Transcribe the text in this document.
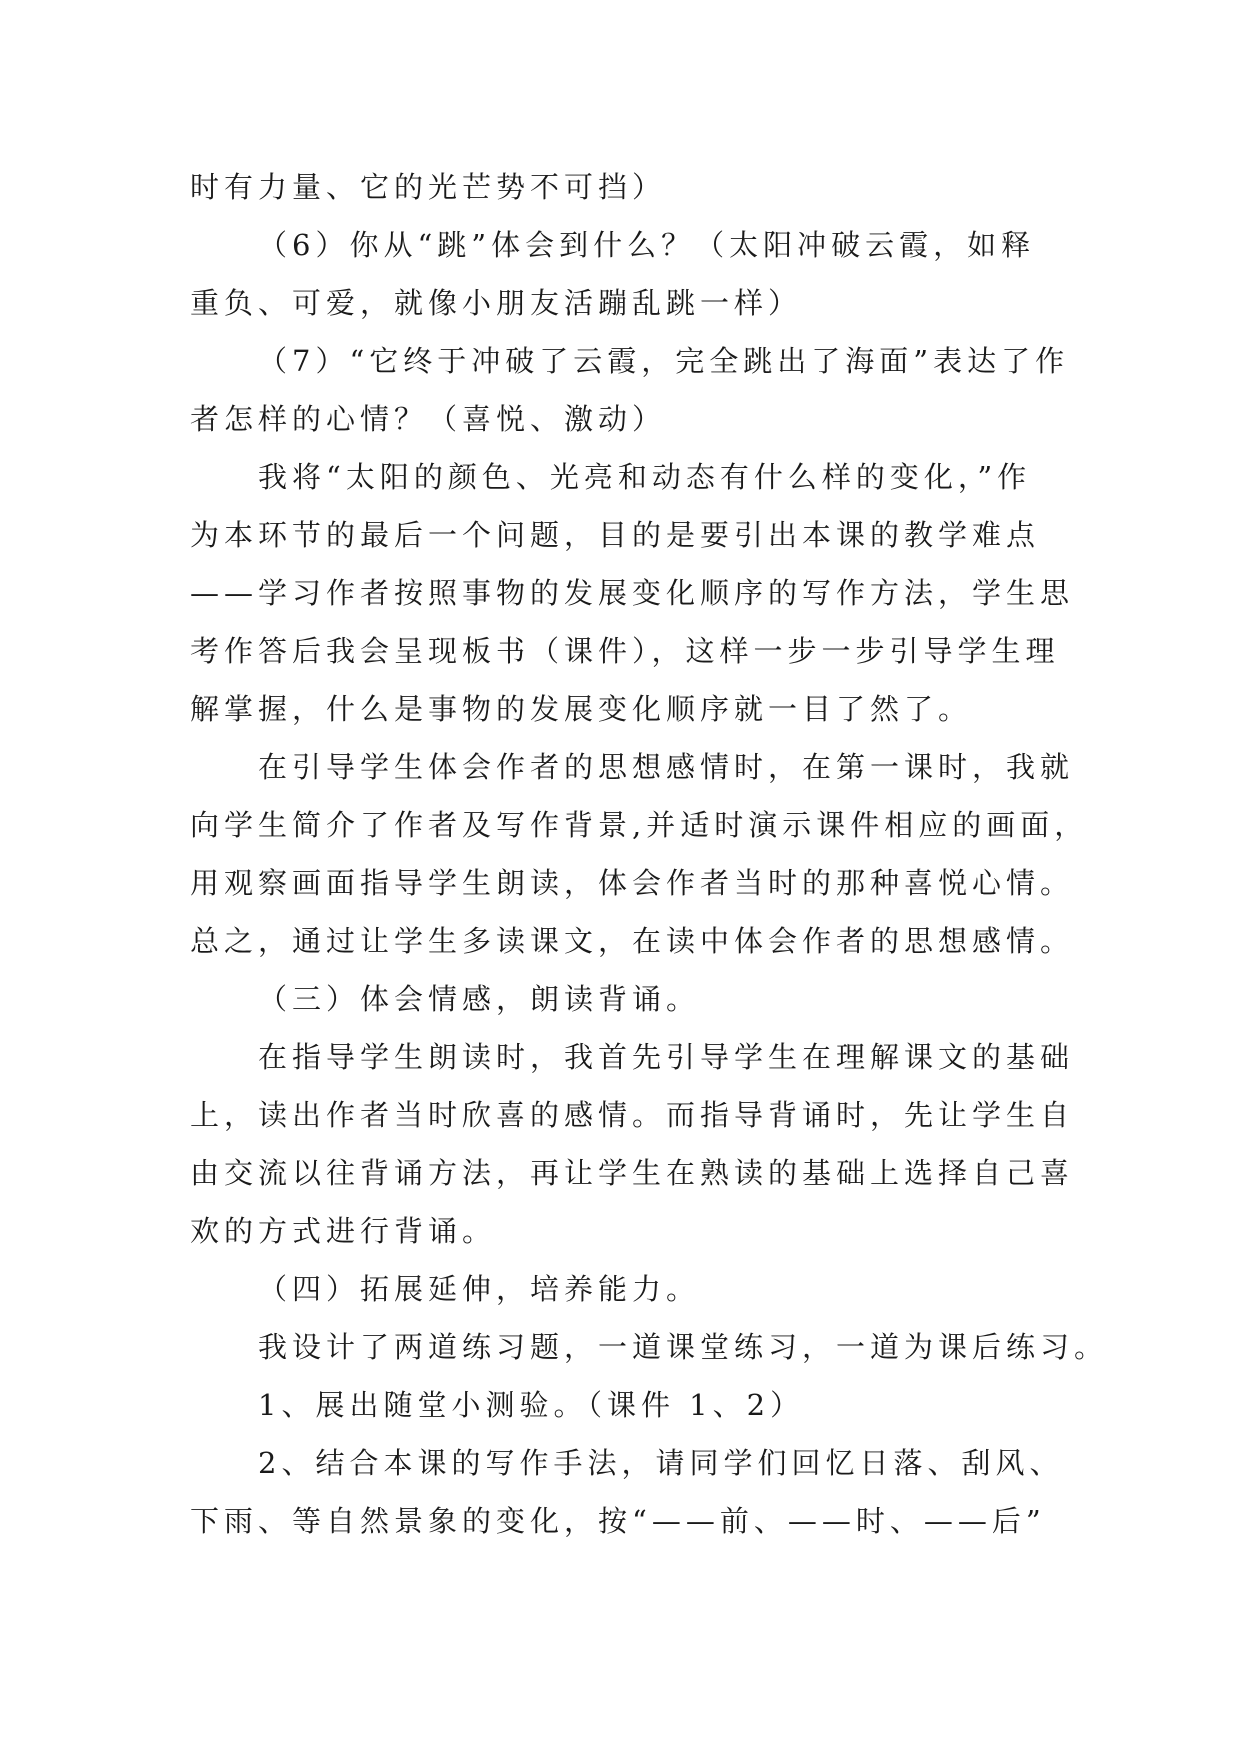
时有力量、它的光芒势不可挡）
（6）你从“跳”体会到什么？（太阳冲破云霞，如释
重负、可爱，就像小朋友活蹦乱跳一样）
（7）“它终于冲破了云霞，完全跳出了海面”表达了作
者怎样的心情？（喜悦、激动）
我将“太阳的颜色、光亮和动态有什么样的变化，”作
为本环节的最后一个问题，目的是要引出本课的教学难点
——学习作者按照事物的发展变化顺序的写作方法，学生思
考作答后我会呈现板书（课件），这样一步一步引导学生理
解掌握，什么是事物的发展变化顺序就一目了然了。
在引导学生体会作者的思想感情时，在第一课时，我就
向学生简介了作者及写作背景,并适时演示课件相应的画面，
用观察画面指导学生朗读，体会作者当时的那种喜悦心情。
总之，通过让学生多读课文，在读中体会作者的思想感情。
（三）体会情感，朗读背诵。
在指导学生朗读时，我首先引导学生在理解课文的基础
上，读出作者当时欣喜的感情。而指导背诵时，先让学生自
由交流以往背诵方法，再让学生在熟读的基础上选择自己喜
欢的方式进行背诵。
（四）拓展延伸，培养能力。
我设计了两道练习题，一道课堂练习，一道为课后练习。
1、展出随堂小测验。（课件 1、2）
2、结合本课的写作手法，请同学们回忆日落、刮风、
下雨、等自然景象的变化，按“——前、——时、——后”
